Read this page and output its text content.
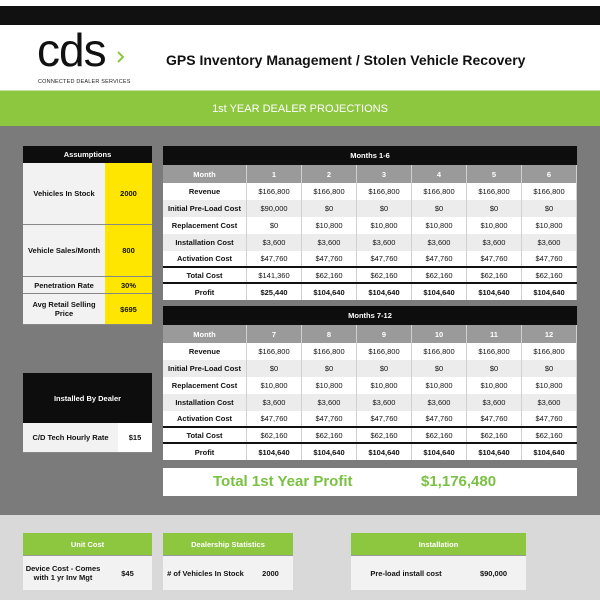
cds
CONNECTED DEALER SERVICES
GPS Inventory Management / Stolen Vehicle Recovery
1st YEAR DEALER PROJECTIONS
Assumptions
Vehicles In Stock	2000
Vehicle Sales/Month	800
Penetration Rate	30%
Avg Retail Selling Price	$695
Installed By Dealer
C/D Tech Hourly Rate	$15
Months 1-6
Month	1	2	3	4	5	6
Revenue	$166,800	$166,800	$166,800	$166,800	$166,800	$166,800
Initial Pre-Load Cost	$90,000	$0	$0	$0	$0	$0
Replacement Cost	$0	$10,800	$10,800	$10,800	$10,800	$10,800
Installation Cost	$3,600	$3,600	$3,600	$3,600	$3,600	$3,600
Activation Cost	$47,760	$47,760	$47,760	$47,760	$47,760	$47,760
Total Cost	$141,360	$62,160	$62,160	$62,160	$62,160	$62,160
Profit	$25,440	$104,640	$104,640	$104,640	$104,640	$104,640
Months 7-12
Month	7	8	9	10	11	12
Revenue	$166,800	$166,800	$166,800	$166,800	$166,800	$166,800
Initial Pre-Load Cost	$0	$0	$0	$0	$0	$0
Replacement Cost	$10,800	$10,800	$10,800	$10,800	$10,800	$10,800
Installation Cost	$3,600	$3,600	$3,600	$3,600	$3,600	$3,600
Activation Cost	$47,760	$47,760	$47,760	$47,760	$47,760	$47,760
Total Cost	$62,160	$62,160	$62,160	$62,160	$62,160	$62,160
Profit	$104,640	$104,640	$104,640	$104,640	$104,640	$104,640
Total 1st Year Profit	$1,176,480
Unit Cost
Device Cost - Comes with 1 yr Inv Mgt	$45
Dealership Statistics
# of Vehicles In Stock	2000
Installation
Pre-load install cost	$90,000
